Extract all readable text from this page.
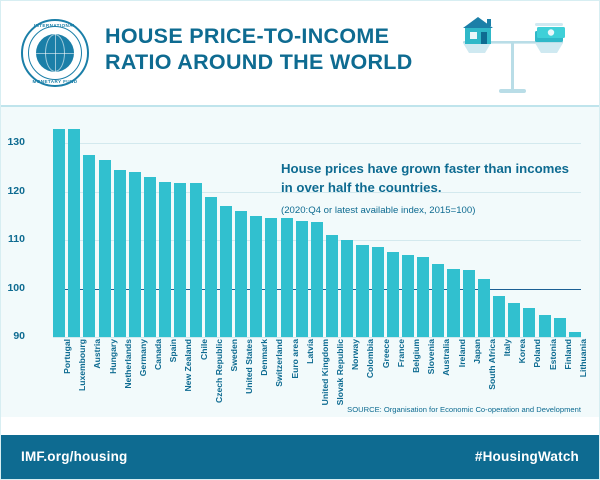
INTERNATIONAL
MONETARY FUND
HOUSE PRICE-TO-INCOME
RATIO AROUND THE WORLD
90
100
110
120
130
Portugal Luxembourg Austria Hungary Netherlands Germany Canada Spain New Zealand Chile Czech Republic Sweden United States Denmark Switzerland Euro area Latvia United Kingdom Slovak Republic Norway Colombia Greece France Belgium Slovenia Australia Ireland Japan South Africa Italy Korea Poland Estonia Finland Lithuania
House prices have grown faster than incomes in over half the countries.
(2020:Q4 or latest available index, 2015=100)
SOURCE: Organisation for Economic Co-operation and Development
IMF.org/housing	#HousingWatch
